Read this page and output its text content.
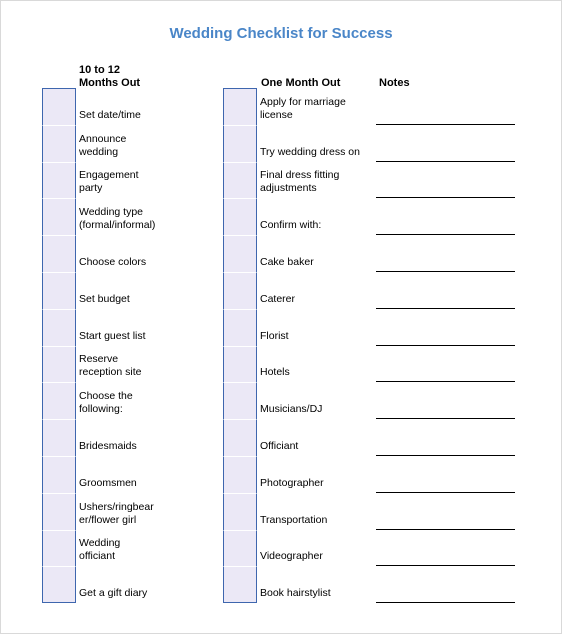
Wedding Checklist for Success
10 to 12
Months Out	One Month Out	Notes
Set date/time
Announce
wedding
Engagement
party
Wedding type
(formal/informal)
Choose colors
Set budget
Start guest list
Reserve
reception site
Choose the
following:
Bridesmaids
Groomsmen
Ushers/ringbear
er/flower girl
Wedding
officiant
Get a gift diary
Apply for marriage
license
Try wedding dress on
Final dress fitting
adjustments
Confirm with:
Cake baker
Caterer
Florist
Hotels
Musicians/DJ
Officiant
Photographer
Transportation
Videographer
Book hairstylist
